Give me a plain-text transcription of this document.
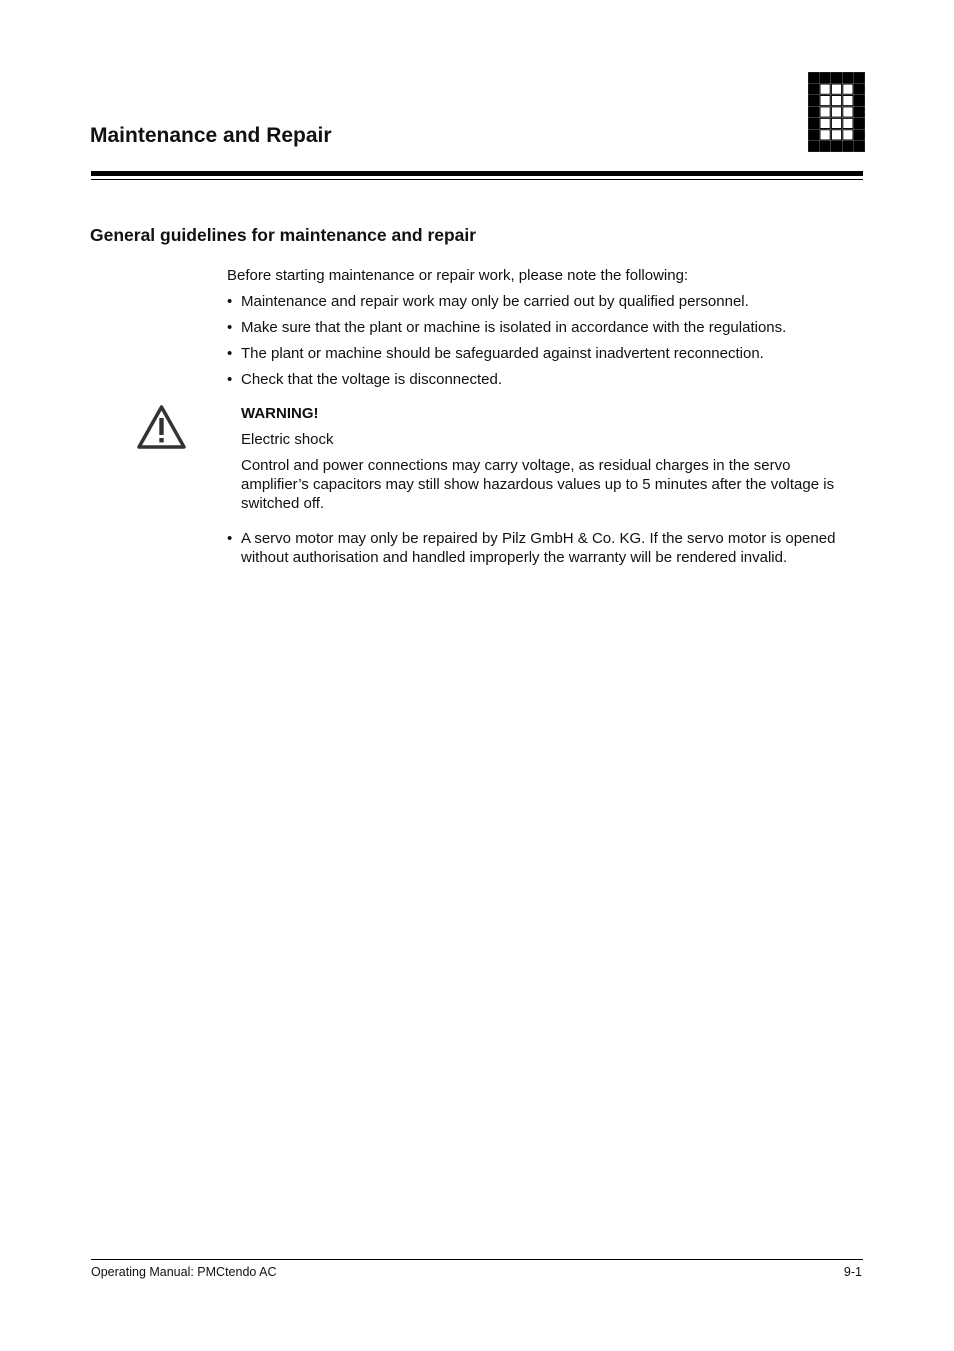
Maintenance and Repair
General guidelines for maintenance and repair

Before starting maintenance or repair work, please note the following:

• Maintenance and repair work may only be carried out by qualified personnel.
• Make sure that the plant or machine is isolated in accordance with the regulations.
• The plant or machine should be safeguarded against inadvertent reconnection.
• Check that the voltage is disconnected.

WARNING!

Electric shock

Control and power connections may carry voltage, as residual charges in the servo amplifier’s capacitors may still show hazardous values up to 5 minutes after the voltage is switched off.

• A servo motor may only be repaired by Pilz GmbH & Co. KG. If the servo motor is opened without authorisation and handled improperly the warranty will be rendered invalid.
Operating Manual: PMCtendo AC	9-1
